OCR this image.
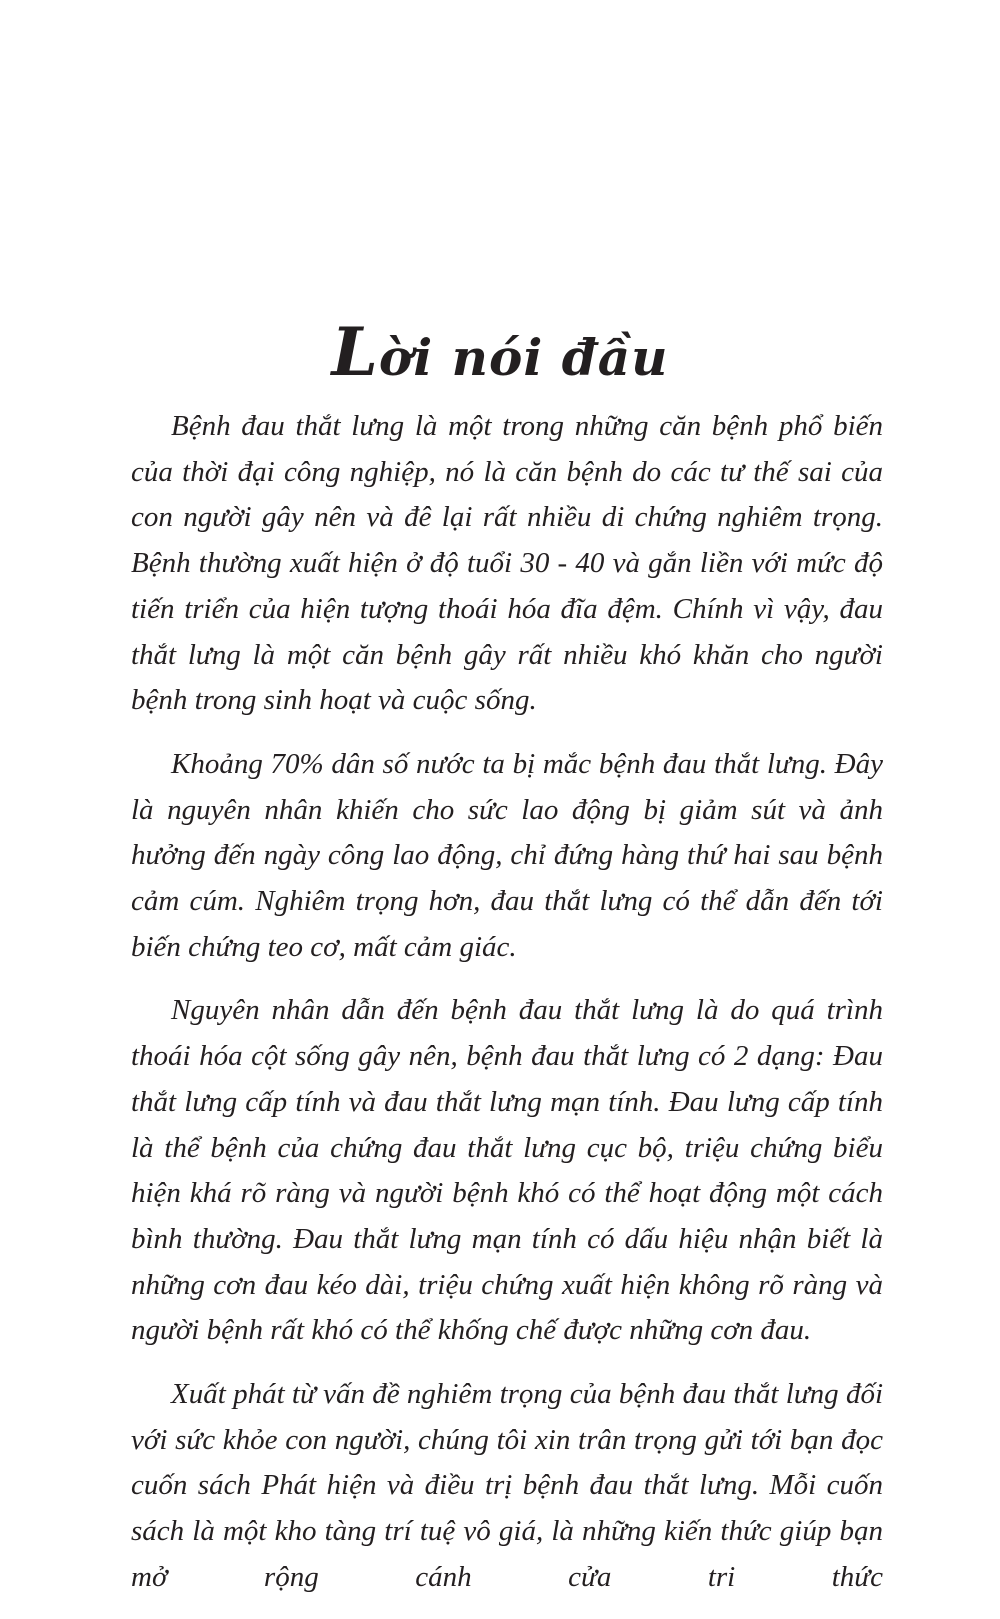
Lời nói đầu

Bệnh đau thắt lưng là một trong những căn bệnh phổ biến của thời đại công nghiệp, nó là căn bệnh do các tư thế sai của con người gây nên và đê lại rất nhiều di chứng nghiêm trọng. Bệnh thường xuất hiện ở độ tuổi 30 - 40 và gắn liền với mức độ tiến triển của hiện tượng thoái hóa đĩa đệm. Chính vì vậy, đau thắt lưng là một căn bệnh gây rất nhiều khó khăn cho người bệnh trong sinh hoạt và cuộc sống.

Khoảng 70% dân số nước ta bị mắc bệnh đau thắt lưng. Đây là nguyên nhân khiến cho sức lao động bị giảm sút và ảnh hưởng đến ngày công lao động, chỉ đứng hàng thứ hai sau bệnh cảm cúm. Nghiêm trọng hơn, đau thắt lưng có thể dẫn đến tới biến chứng teo cơ, mất cảm giác.

Nguyên nhân dẫn đến bệnh đau thắt lưng là do quá trình thoái hóa cột sống gây nên, bệnh đau thắt lưng có 2 dạng: Đau thắt lưng cấp tính và đau thắt lưng mạn tính. Đau lưng cấp tính là thể bệnh của chứng đau thắt lưng cục bộ, triệu chứng biểu hiện khá rõ ràng và người bệnh khó có thể hoạt động một cách bình thường. Đau thắt lưng mạn tính có dấu hiệu nhận biết là những cơn đau kéo dài, triệu chứng xuất hiện không rõ ràng và người bệnh rất khó có thể khống chế được những cơn đau.

Xuất phát từ vấn đề nghiêm trọng của bệnh đau thắt lưng đối với sức khỏe con người, chúng tôi xin trân trọng gửi tới bạn đọc cuốn sách Phát hiện và điều trị bệnh đau thắt lưng. Mỗi cuốn sách là một kho tàng trí tuệ vô giá, là những kiến thức giúp bạn mở rộng cánh cửa tri thức
